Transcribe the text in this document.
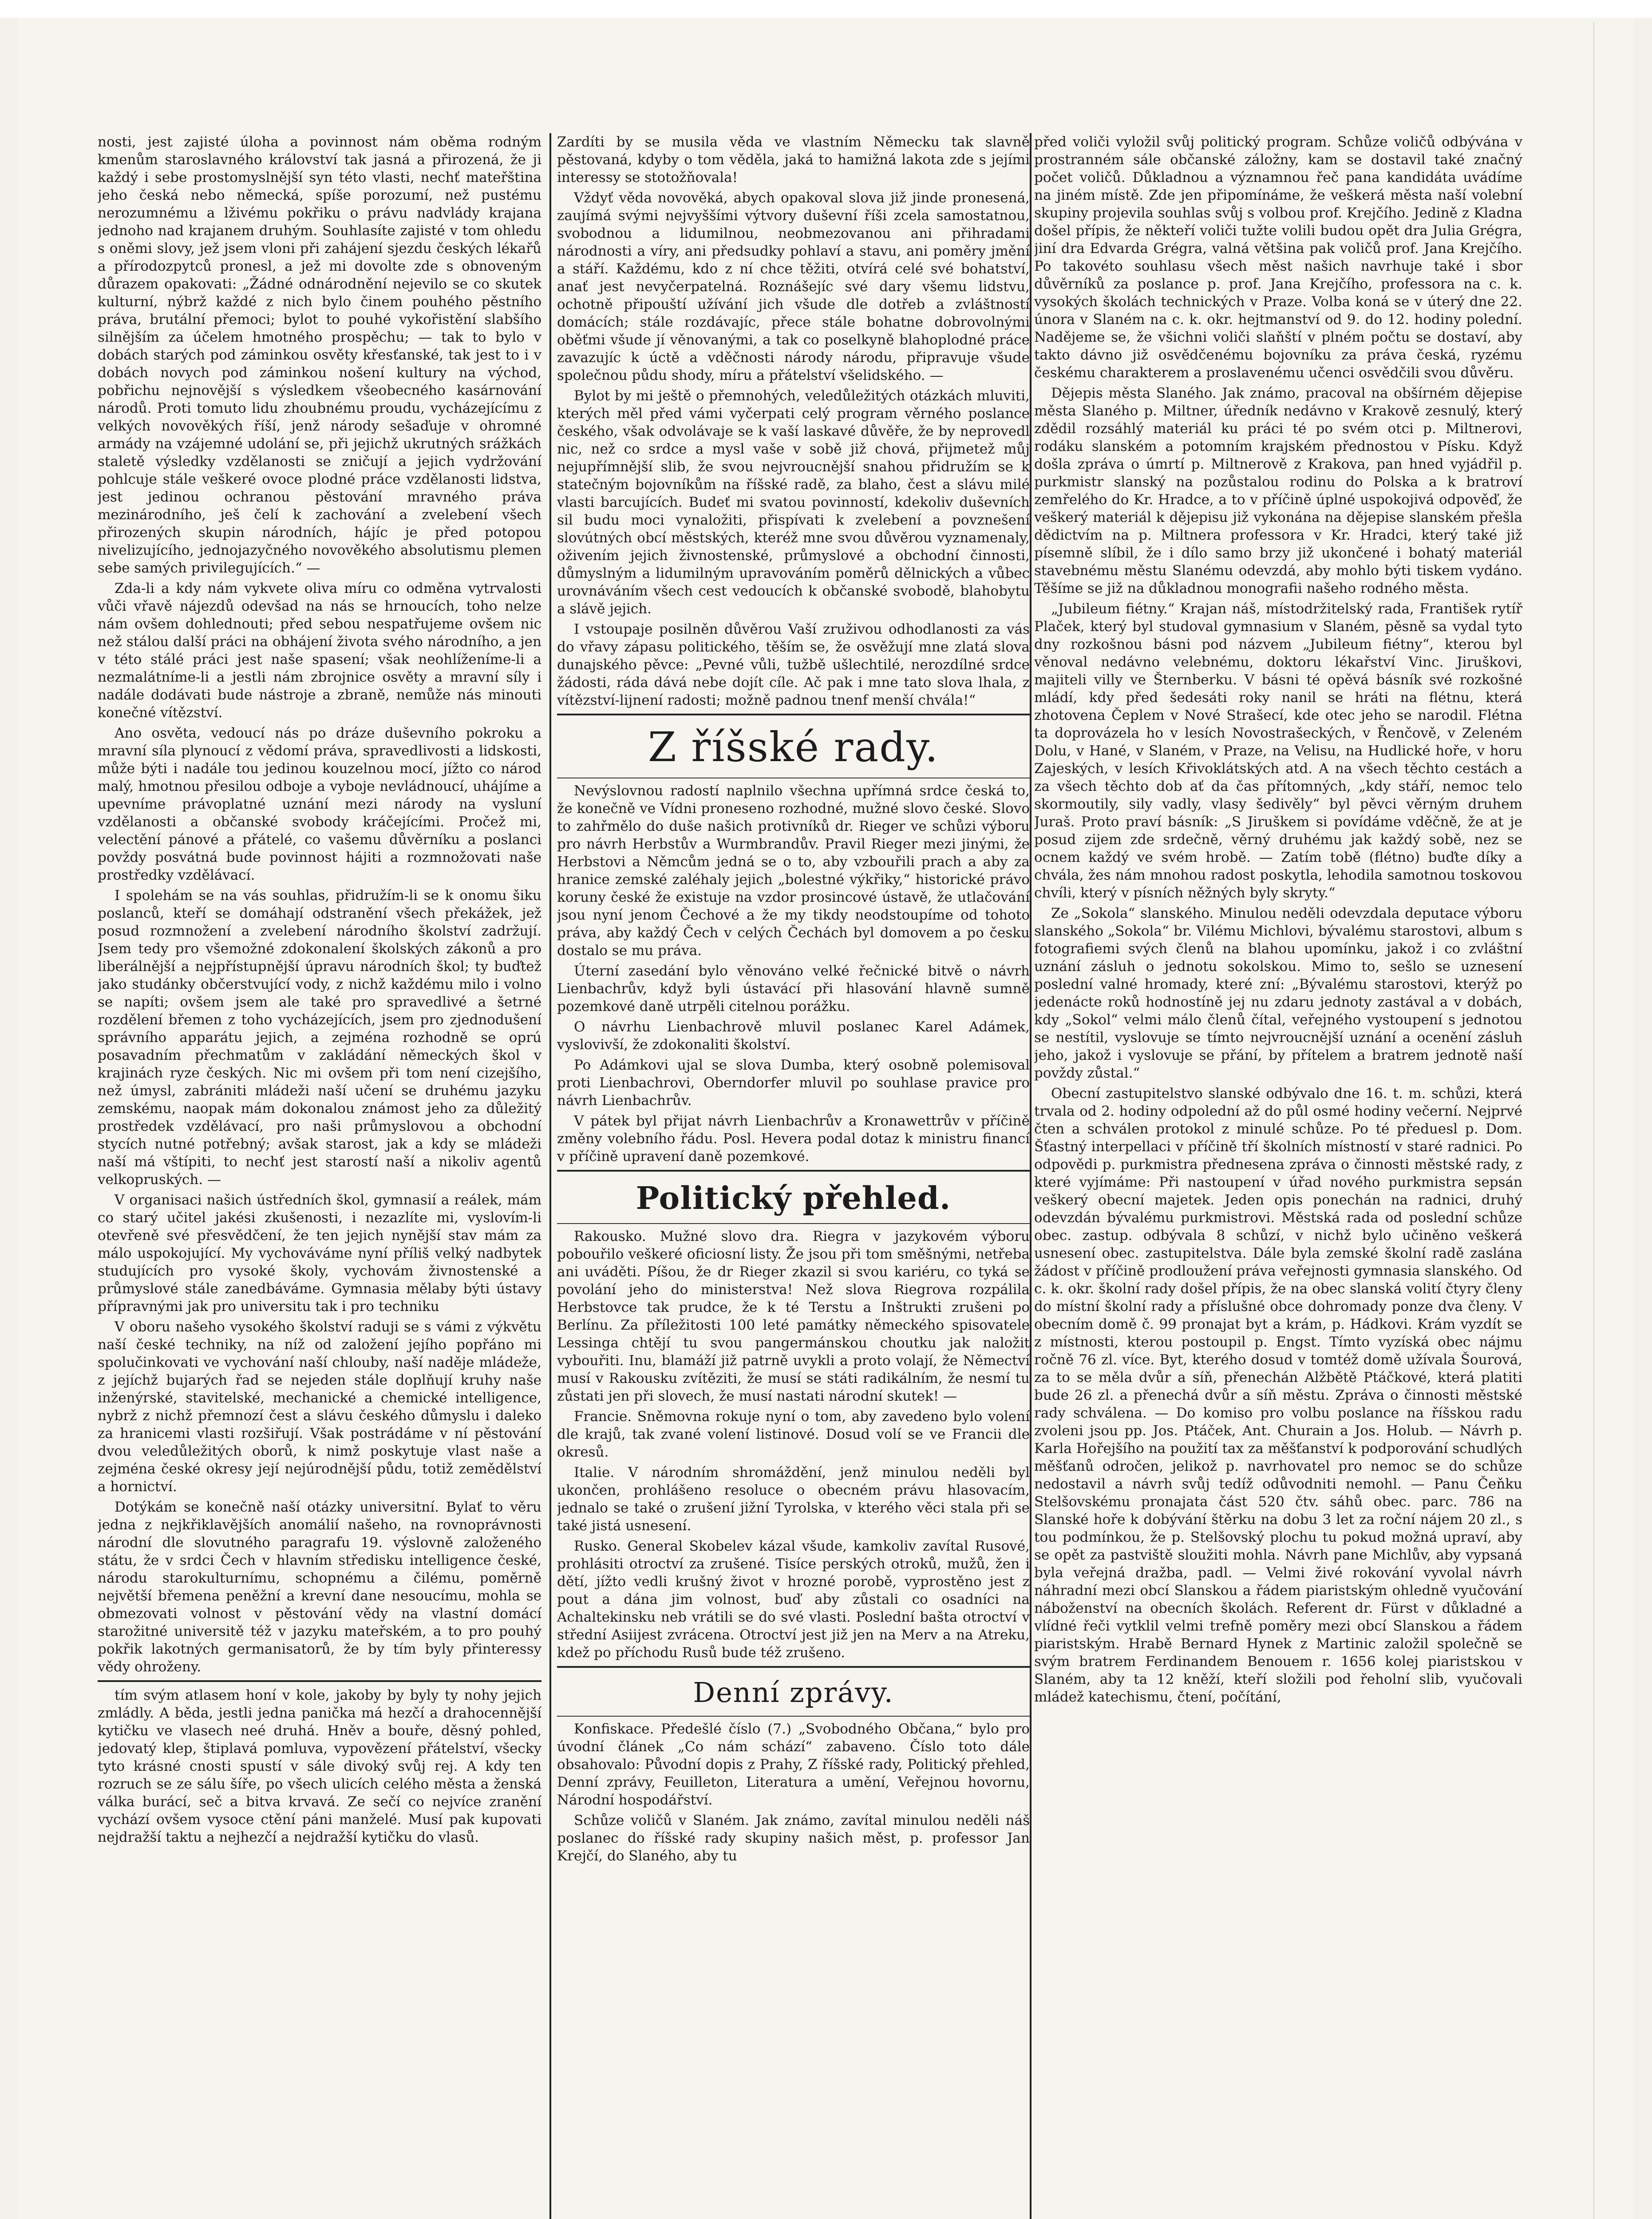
nosti, jest zajisté úloha a povinnost nám oběma rodným kmenům staroslavného království tak jasná a přirozená, že ji každý i sebe prostomyslnější syn této vlasti, nechť mateřština jeho česká nebo německá, spíše porozumí, než pustému nerozumnému a lživému pokřiku o právu nadvlády krajana jednoho nad krajanem druhým. Souhlasíte zajisté v tom ohledu s oněmi slovy, jež jsem vloni při zahájení sjezdu českých lékařů a přírodozpytců pronesl, a jež mi dovolte zde s obnoveným důrazem opakovati: „Žádné odnárodnění nejevilo se co skutek kulturní, nýbrž každé z nich bylo činem pouhého pěstního práva, brutální přemoci; bylot to pouhé vykořistění slabšího silnějším za účelem hmotného prospěchu; — tak to bylo v dobách starých pod záminkou osvěty křesťanské, tak jest to i v dobách novych pod záminkou nošení kultury na východ, pobřichu nejnovější s výsledkem všeobecného kasárnování národů. Proti tomuto lidu zhoubnému proudu, vycházejícímu z velkých novověkých říší, jenž národy sešaďuje v ohromné armády na vzájemné udolání se, při jejichž ukrutných srážkách staletě výsledky vzdělanosti se zničují a jejich vydržování pohlcuje stále veškeré ovoce plodné práce vzdělanosti lidstva, jest jedinou ochranou pěstování mravného práva mezinárodního, ješ čelí k zachování a zvelebení všech přirozených skupin národních, hájíc je před potopou nivelizujícího, jednojazyčného novověkého absolutismu plemen sebe samých privilegujících.“ —

Zda-li a kdy nám vykvete oliva míru co odměna vytrvalosti vůči vřavě nájezdů odevšad na nás se hrnoucích, toho nelze nám ovšem dohlednouti; před sebou nespatřujeme ovšem nic než stálou další práci na obhájení života svého národního, a jen v této stálé práci jest naše spasení; však neohlíženíme-li a nezmalátníme-li a jestli nám zbrojnice osvěty a mravní síly i nadále dodávati bude nástroje a zbraně, nemůže nás minouti konečné vítězství.

Ano osvěta, vedoucí nás po dráze duševního pokroku a mravní síla plynoucí z vědomí práva, spravedlivosti a lidskosti, může býti i nadále tou jedinou kouzelnou mocí, jížto co národ malý, hmotnou přesilou odboje a vyboje nevládnoucí, uhájíme a upevníme právoplatné uznání mezi národy na vysluní vzdělanosti a občanské svobody kráčejícími. Pročež mi, velectění pánové a přátelé, co vašemu důvěrníku a poslanci povždy posvátná bude povinnost hájiti a rozmnožovati naše prostředky vzdělávací.

I spolehám se na vás souhlas, přidružím-li se k onomu šiku poslanců, kteří se domáhají odstranění všech překážek, jež posud rozmnožení a zvelebení národního školství zadržují. Jsem tedy pro všemožné zdokonalení školských zákonů a pro liberálnější a nejpřístupnější úpravu národních škol; ty buďtež jako studánky občerstvující vody, z nichž každému milo i volno se napíti; ovšem jsem ale také pro spravedlivé a šetrné rozdělení břemen z toho vycházejících, jsem pro zjednodušení správního apparátu jejich, a zejména rozhodně se oprú posavadním přechmatům v zakládání německých škol v krajinách ryze českých. Nic mi ovšem při tom není cizejšího, než úmysl, zabrániti mládeži naší učení se druhému jazyku zemskému, naopak mám dokonalou známost jeho za důležitý prostředek vzdělávací, pro naši průmyslovou a obchodní stycích nutné potřebný; avšak starost, jak a kdy se mládeži naší má vštípiti, to nechť jest starostí naší a nikoliv agentů velkopruských. —

V organisaci našich ústředních škol, gymnasií a reálek, mám co starý učitel jakési zkušenosti, i nezazlíte mi, vyslovím-li otevřeně své přesvědčení, že ten jejich nynější stav mám za málo uspokojující. My vychováváme nyní příliš velký nadbytek studujících pro vysoké školy, vychovám živnostenské a průmyslové stále zanedbáváme. Gymnasia mělaby býti ústavy přípravnými jak pro universitu tak i pro techniku

V oboru našeho vysokého školství raduji se s vámi z výkvětu naší české techniky, na níž od založení jejího popřáno mi spolučinkovati ve vychování naší chlouby, naší naděje mládeže, z jejíchž bujarých řad se nejeden stále doplňují kruhy naše inženýrské, stavitelské, mechanické a chemické intelligence, nybrž z nichž přemnozí čest a slávu českého důmyslu i daleko za hranicemi vlasti rozšiřují. Však postrádáme v ní pěstování dvou veledůležitých oborů, k nimž poskytuje vlast naše a zejména české okresy její nejúrodnější půdu, totiž zemědělství a hornictví.

Dotýkám se konečně naší otázky universitní. Bylať to věru jedna z nejkřiklavějších anomálií našeho, na rovnoprávnosti národní dle slovutného paragrafu 19. výslovně založeného státu, že v srdci Čech v hlavním středisku intelligence české, národu starokulturnímu, schopnému a čilému, poměrně největší břemena peněžní a krevní dane nesoucímu, mohla se obmezovati volnost v pěstování vědy na vlastní domácí starožitné universitě též v jazyku mateřském, a to pro pouhý pokřik lakotných germanisatorů, že by tím byly přinteressy vědy ohroženy.

tím svým atlasem honí v kole, jakoby by byly ty nohy jejich zmládly. A běda, jestli jedna panička má hezčí a drahocennější kytičku ve vlasech neé druhá. Hněv a bouře, děsný pohled, jedovatý klep, štiplavá pomluva, vypovězení přátelství, všecky tyto krásné cnosti spustí v sále divoký svůj rej. A kdy ten rozruch se ze sálu šíře, po všech ulicích celého města a ženská válka burácí, seč a bitva krvavá. Ze sečí co nejvíce zranění vychází ovšem vysoce ctění páni manželé. Musí pak kupovati nejdražší taktu a nejhezčí a nejdražší kytičku do vlasů.

Zardíti by se musila věda ve vlastním Německu tak slavně pěstovaná, kdyby o tom věděla, jaká to hamižná lakota zde s jejími interessy se stotožňovala!

Vždyť věda novověká, abych opakoval slova již jinde pronesená, zaujímá svými nejvyššími výtvory duševní říši zcela samostatnou, svobodnou a lidumilnou, neobmezovanou ani přihradami národnosti a víry, ani předsudky pohlaví a stavu, ani poměry jmění a stáří. Každému, kdo z ní chce těžiti, otvírá celé své bohatství, anať jest nevyčerpatelná. Roznášejíc své dary všemu lidstvu, ochotně připouští užívání jich všude dle dotřeb a zvláštností domácích; stále rozdávajíc, přece stále bohatne dobrovolnými oběťmi všude jí věnovanými, a tak co poselkyně blahoplodné práce zavazujíc k úctě a vděčnosti národy národu, připravuje všude společnou půdu shody, míru a přátelství všelidského. —

Bylot by mi ještě o přemnohých, veledůležitých otázkách mluviti, kterých měl před vámi vyčerpati celý program věrného poslance českého, však odvolávaje se k vaší laskavé důvěře, že by neprovedl nic, než co srdce a mysl vaše v sobě již chová, přijmetež můj nejupřímnější slib, že svou nejvroucnější snahou přidružím se k statečným bojovníkům na říšské radě, za blaho, čest a slávu milé vlasti barcujících. Budeť mi svatou povinností, kdekoliv duševních sil budu moci vynaložiti, přispívati k zvelebení a povznešení slovútných obcí městských, kteréž mne svou důvěrou vyznamenaly, oživením jejich živnostenské, průmyslové a obchodní činnosti, důmyslným a lidumilným upravováním poměrů dělnických a vůbec urovnáváním všech cest vedoucích k občanské svobodě, blahobytu a slávě jejich.

I vstoupaje posilněn důvěrou Vaší zruživou odhodlanosti za vás do vřavy zápasu politického, těším se, že osvěžují mne zlatá slova dunajského pěvce: „Pevné vůli, tužbě ušlechtilé, nerozdílné srdce žádosti, ráda dává nebe dojít cíle. Ač pak i mne tato slova lhala, z vítězství-lijnení radosti; možně padnou tnenf menší chvála!“

Z říšské rady.

Nevýslovnou radostí naplnilo všechna upřímná srdce česká to, že konečně ve Vídni proneseno rozhodné, mužné slovo české. Slovo to zahřmělo do duše našich protivníků dr. Rieger ve schůzi výboru pro návrh Herbstův a Wurmbrandův. Pravil Rieger mezi jinými, že Herbstovi a Němcům jedná se o to, aby vzbouřili prach a aby za hranice zemské zaléhaly jejich „bolestné výkřiky,“ historické právo koruny české že existuje na vzdor prosincové ústavě, že utlačování jsou nyní jenom Čechové a že my tikdy neodstoupíme od tohoto práva, aby každý Čech v celých Čechách byl domovem a po česku dostalo se mu práva.

Úterní zasedání bylo věnováno velké řečnické bitvě o návrh Lienbachrův, když byli ústavácí při hlasování hlavně sumně pozemkové daně utrpěli citelnou porážku.

O návrhu Lienbachrově mluvil poslanec Karel Adámek, vyslovivší, že zdokonaliti školství.

Po Adámkovi ujal se slova Dumba, který osobně polemisoval proti Lienbachrovi, Oberndorfer mluvil po souhlase pravice pro návrh Lienbachrův.

V pátek byl přijat návrh Lienbachrův a Kronawettrův v příčině změny volebního řádu. Posl. Hevera podal dotaz k ministru financí v příčině upravení daně pozemkové.

Politický přehled.

Rakousko. Mužné slovo dra. Riegra v jazykovém výboru pobouřilo veškeré oficiosní listy. Že jsou při tom směšnými, netřeba ani uváděti. Píšou, že dr Rieger zkazil si svou kariéru, co tyká se povolání jeho do ministerstva! Než slova Riegrova rozpálila Herbstovce tak prudce, že k té Terstu a Inštrukti zrušeni po Berlínu. Za příležitosti 100 leté památky německého spisovatele Lessinga chtějí tu svou pangermánskou choutku jak naložit vybouřiti. Inu, blamáží již patrně uvykli a proto volají, že Němectví musí v Rakousku zvítěziti, že musí se státi radikálním, že nesmí tu zůstati jen při slovech, že musí nastati národní skutek! —

Francie. Sněmovna rokuje nyní o tom, aby zavedeno bylo volení dle krajů, tak zvané volení listinové. Dosud volí se ve Francii dle okresů.

Italie. V národním shromáždění, jenž minulou neděli byl ukončen, prohlášeno resoluce o obecném právu hlasovacím, jednalo se také o zrušení jižní Tyrolska, v kterého věci stala při se také jistá usnesení.

Rusko. General Skobelev kázal všude, kamkoliv zavítal Rusové, prohlásiti otroctví za zrušené. Tisíce perských otroků, mužů, žen i dětí, jížto vedli krušný život v hrozné porobě, vyprostěno jest z pout a dána jim volnost, buď aby zůstali co osadníci na Achaltekinsku neb vrátili se do své vlasti. Poslední bašta otroctví v střední Asiijest zvrácena. Otroctví jest již jen na Merv a na Atreku, kdež po příchodu Rusů bude též zrušeno.

Denní zprávy.

Konfiskace. Předešlé číslo (7.) „Svobodného Občana,“ bylo pro úvodní článek „Co nám schází“ zabaveno. Číslo toto dále obsahovalo: Původní dopis z Prahy, Z říšské rady, Politický přehled, Denní zprávy, Feuilleton, Literatura a umění, Veřejnou hovornu, Národní hospodářství.

Schůze voličů v Slaném. Jak známo, zavítal minulou neděli náš poslanec do říšské rady skupiny našich měst, p. professor Jan Krejčí, do Slaného, aby tu

před voliči vyložil svůj politický program. Schůze voličů odbývána v prostranném sále občanské záložny, kam se dostavil také značný počet voličů. Důkladnou a významnou řeč pana kandidáta uvádíme na jiném místě. Zde jen připomínáme, že veškerá města naší volební skupiny projevila souhlas svůj s volbou prof. Krejčího. Jedině z Kladna došel přípis, že někteří voliči tužte volili budou opět dra Julia Grégra, jiní dra Edvarda Grégra, valná většina pak voličů prof. Jana Krejčího. Po takovéto souhlasu všech měst našich navrhuje také i sbor důvěrníků za poslance p. prof. Jana Krejčího, professora na c. k. vysokých školách technických v Praze. Volba koná se v úterý dne 22. února v Slaném na c. k. okr. hejtmanství od 9. do 12. hodiny polední. Nadějeme se, že všichni voliči slaňští v plném počtu se dostaví, aby takto dávno již osvědčenému bojovníku za práva česká, ryzému českému charakterem a proslavenému učenci osvědčili svou důvěru.

Dějepis města Slaného. Jak známo, pracoval na obšírném dějepise města Slaného p. Miltner, úředník nedávno v Krakově zesnulý, který zdědil rozsáhlý materiál ku práci té po svém otci p. Miltnerovi, rodáku slanském a potomním krajském přednostou v Písku. Když došla zpráva o úmrtí p. Miltnerově z Krakova, pan hned vyjádřil p. purkmistr slanský na pozůstalou rodinu do Polska a k bratroví zemřelého do Kr. Hradce, a to v příčině úplné uspokojivá odpověď, že veškerý materiál k dějepisu již vykonána na dějepise slanském přešla dědictvím na p. Miltnera professora v Kr. Hradci, který také již písemně slíbil, že i dílo samo brzy již ukončené i bohatý materiál stavebnému městu Slanému odevzdá, aby mohlo býti tiskem vydáno. Těšíme se již na důkladnou monografii našeho rodného města.

„Jubileum fiétny.“ Krajan náš, místodržitelský rada, František rytíř Plaček, který byl studoval gymnasium v Slaném, pěsně sa vydal tyto dny rozkošnou básni pod názvem „Jubileum fiétny“, kterou byl věnoval nedávno velebnému, doktoru lékařství Vinc. Jiruškovi, majiteli villy ve Šternberku. V básni té opěvá básník své rozkošné mládí, kdy před šedesáti roky nanil se hráti na flétnu, která zhotovena Čeplem v Nové Strašecí, kde otec jeho se narodil. Flétna ta doprovázela ho v lesích Novostrašeckých, v Řenčově, v Zeleném Dolu, v Hané, v Slaném, v Praze, na Velisu, na Hudlické hoře, v horu Zajeských, v lesích Křivoklátských atd. A na všech těchto cestách a za všech těchto dob ať da čas přítomných, „kdy stáří, nemoc telo skormoutily, sily vadly, vlasy šedivěly“ byl pěvci věrným druhem Juraš. Proto praví básník: „S Jiruškem si povídáme vděčně, že at je posud zijem zde srdečně, věrný druhému jak každý sobě, nez se ocnem každý ve svém hrobě. — Zatím tobě (flétno) buďte díky a chvála, žes nám mnohou radost poskytla, lehodila samotnou toskovou chvíli, který v písních něžných byly skryty.“

Ze „Sokola“ slanského. Minulou neděli odevzdala deputace výboru slanského „Sokola“ br. Vilému Michlovi, bývalému starostovi, album s fotografiemi svých členů na blahou upomínku, jakož i co zvláštní uznání zásluh o jednotu sokolskou. Mimo to, sešlo se uznesení poslední valné hromady, které zní: „Bývalému starostovi, kterýž po jedenácte roků hodnostíně jej nu zdaru jednoty zastával a v dobách, kdy „Sokol“ velmi málo členů čítal, veřejného vystoupení s jednotou se nestítil, vyslovuje se tímto nejvroucnější uznání a ocenění zásluh jeho, jakož i vyslovuje se přání, by přítelem a bratrem jednotě naší povždy zůstal.“

Obecní zastupitelstvo slanské odbývalo dne 16. t. m. schůzi, která trvala od 2. hodiny odpolední až do půl osmé hodiny večerní. Nejprvé čten a schválen protokol z minulé schůze. Po té předuesl p. Dom. Šťastný interpellaci v příčině tří školních místností v staré radnici. Po odpovědi p. purkmistra přednesena zpráva o činnosti městské rady, z které vyjímáme: Při nastoupení v úřad nového purkmistra sepsán veškerý obecní majetek. Jeden opis ponechán na radnici, druhý odevzdán bývalému purkmistrovi. Městská rada od poslední schůze obec. zastup. odbývala 8 schůzí, v nichž bylo učiněno veškerá usnesení obec. zastupitelstva. Dále byla zemské školní radě zaslána žádost v příčině prodloužení práva veřejnosti gymnasia slanského. Od c. k. okr. školní rady došel přípis, že na obec slanská volití čtyry členy do místní školní rady a příslušné obce dohromady ponze dva členy. V obecním domě č. 99 pronajat byt a krám, p. Hádkovi. Krám vyzdít se z místnosti, kterou postoupil p. Engst. Tímto vyzíská obec nájmu ročně 76 zl. více. Byt, kterého dosud v tomtéž domě užívala Šourová, za to se měla dvůr a síň, přenechán Alžbětě Ptáčkové, která platiti bude 26 zl. a přenechá dvůr a síň městu. Zpráva o činnosti městské rady schválena. — Do komiso pro volbu poslance na říšskou radu zvoleni jsou pp. Jos. Ptáček, Ant. Churain a Jos. Holub. — Návrh p. Karla Hořejšího na použití tax za měšťanství k podporování schudlých měšťanů odročen, jelikož p. navrhovatel pro nemoc se do schůze nedostavil a návrh svůj tedíž odůvodniti nemohl. — Panu Čeňku Stelšovskému pronajata část 520 čtv. sáhů obec. parc. 786 na Slanské hoře k dobývání štěrku na dobu 3 let za roční nájem 20 zl., s tou podmínkou, že p. Stelšovský plochu tu pokud možná upraví, aby se opět za pastviště sloužiti mohla. Návrh pane Michlův, aby vypsaná byla veřejná dražba, padl. — Velmi živé rokování vyvolal návrh náhradní mezi obcí Slanskou a řádem piaristským ohledně vyučování náboženství na obecních školách. Referent dr. Fürst v důkladné a vlídné řeči vytklil velmi trefně poměry mezi obcí Slanskou a řádem piaristským. Hrabě Bernard Hynek z Martinic založil společně se svým bratrem Ferdinandem Benouem r. 1656 kolej piaristskou v Slaném, aby ta 12 kněží, kteří složili pod řeholní slib, vyučovali mládež katechismu, čtení, počítání,
